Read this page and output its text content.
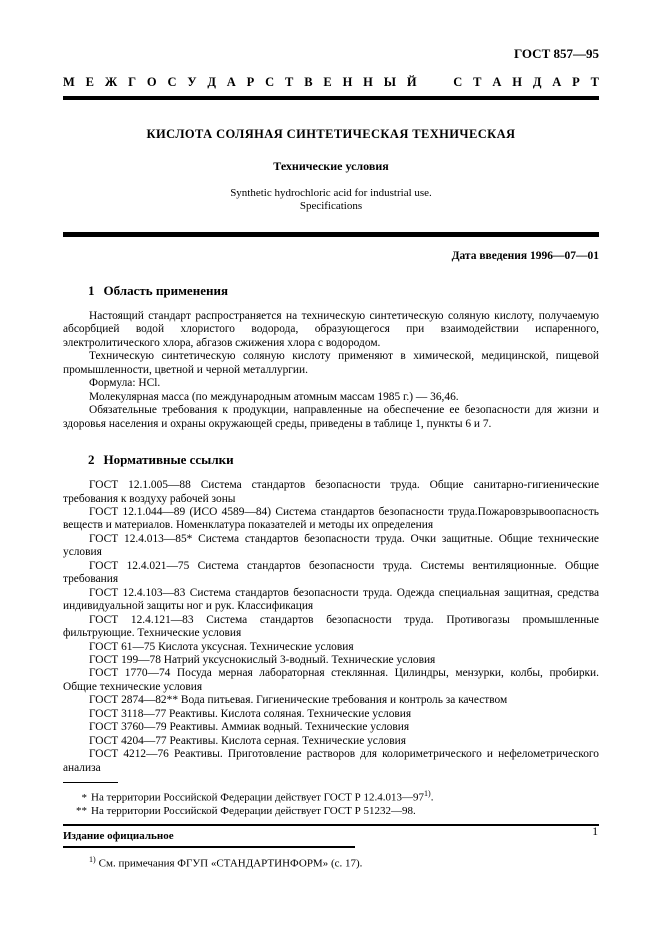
ГОСТ 857—95
М Е Ж Г О С У Д А Р С Т В Е Н Н Ы Й
	С Т А Н Д А Р Т
КИСЛОТА СОЛЯНАЯ СИНТЕТИЧЕСКАЯ ТЕХНИЧЕСКАЯ
Технические условия
Synthetic hydrochloric acid for industrial use.
Specifications
Дата введения 1996—07—01
1 Область применения

Настоящий стандарт распространяется на техническую синтетическую соляную кислоту, получаемую абсорбцией водой хлористого водорода, образующегося при взаимодействии испаренного, электролитического хлора, абгазов сжижения хлора с водородом.

Техническую синтетическую соляную кислоту применяют в химической, медицинской, пищевой промышленности, цветной и черной металлургии.

Формула: HCl.

Молекулярная масса (по международным атомным массам 1985 г.) — 36,46.

Обязательные требования к продукции, направленные на обеспечение ее безопасности для жизни и здоровья населения и охраны окружающей среды, приведены в таблице 1, пункты 6 и 7.

2 Нормативные ссылки

ГОСТ 12.1.005—88 Система стандартов безопасности труда. Общие санитарно-гигиенические требования к воздуху рабочей зоны

ГОСТ 12.1.044—89 (ИСО 4589—84) Система стандартов безопасности труда.Пожаровзрывоопасность веществ и материалов. Номенклатура показателей и методы их определения

ГОСТ 12.4.013—85* Система стандартов безопасности труда. Очки защитные. Общие технические условия

ГОСТ 12.4.021—75 Система стандартов безопасности труда. Системы вентиляционные. Общие требования

ГОСТ 12.4.103—83 Система стандартов безопасности труда. Одежда специальная защитная, средства индивидуальной защиты ног и рук. Классификация

ГОСТ 12.4.121—83 Система стандартов безопасности труда. Противогазы промышленные фильтрующие. Технические условия

ГОСТ 61—75 Кислота уксусная. Технические условия

ГОСТ 199—78 Натрий уксуснокислый 3-водный. Технические условия

ГОСТ 1770—74 Посуда мерная лабораторная стеклянная. Цилиндры, мензурки, колбы, пробирки. Общие технические условия

ГОСТ 2874—82** Вода питьевая. Гигиенические требования и контроль за качеством

ГОСТ 3118—77 Реактивы. Кислота соляная. Технические условия

ГОСТ 3760—79 Реактивы. Аммиак водный. Технические условия

ГОСТ 4204—77 Реактивы. Кислота серная. Технические условия

ГОСТ 4212—76 Реактивы. Приготовление растворов для колориметрического и нефелометрического анализа

* На территории Российской Федерации действует ГОСТ Р 12.4.013—97$^{1)}$.

** На территории Российской Федерации действует ГОСТ Р 51232—98.

Издание официальное

$^{1)}$ См. примечания ФГУП «СТАНДАРТИНФОРМ» (с. 17).

1
